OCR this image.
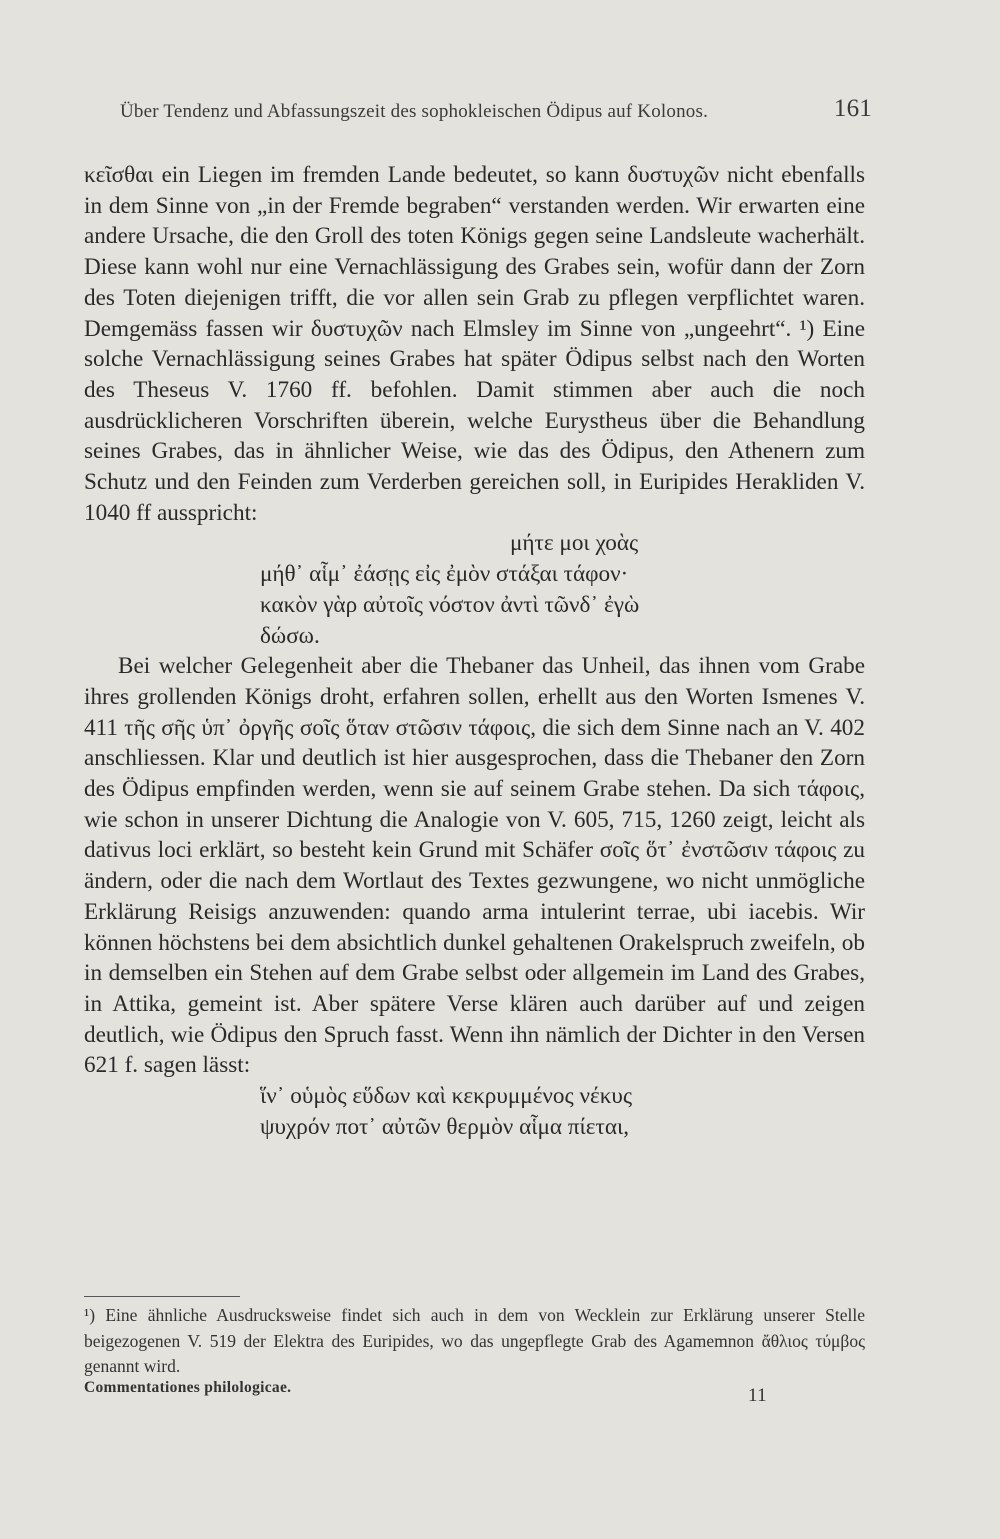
Über Tendenz und Abfassungszeit des sophokleischen Ödipus auf Kolonos.	161

κεῖσθαι ein Liegen im fremden Lande bedeutet, so kann δυστυχῶν nicht ebenfalls in dem Sinne von „in der Fremde begraben“ verstanden werden. Wir erwarten eine andere Ursache, die den Groll des toten Königs gegen seine Landsleute wacherhält. Diese kann wohl nur eine Vernachlässigung des Grabes sein, wofür dann der Zorn des Toten diejenigen trifft, die vor allen sein Grab zu pflegen verpflichtet waren. Demgemäss fassen wir δυστυχῶν nach Elmsley im Sinne von „ungeehrt“. ¹) Eine solche Vernachlässigung seines Grabes hat später Ödipus selbst nach den Worten des Theseus V. 1760 ff. befohlen. Damit stimmen aber auch die noch ausdrücklicheren Vorschriften überein, welche Eurystheus über die Behandlung seines Grabes, das in ähnlicher Weise, wie das des Ödipus, den Athenern zum Schutz und den Feinden zum Verderben gereichen soll, in Euripides Herakliden V. 1040 ff ausspricht:

μήτε μοι χοὰς
μήθ᾽ αἷμ᾽ ἐάσῃς εἰς ἐμὸν στάξαι τάφον·
κακὸν γὰρ αὐτοῖς νόστον ἀντὶ τῶνδ᾽ ἐγὼ
δώσω.

Bei welcher Gelegenheit aber die Thebaner das Unheil, das ihnen vom Grabe ihres grollenden Königs droht, erfahren sollen, erhellt aus den Worten Ismenes V. 411 τῆς σῆς ὑπ᾽ ὀργῆς σοῖς ὅταν στῶσιν τάφοις, die sich dem Sinne nach an V. 402 anschliessen. Klar und deutlich ist hier ausgesprochen, dass die Thebaner den Zorn des Ödipus empfinden werden, wenn sie auf seinem Grabe stehen. Da sich τάφοις, wie schon in unserer Dichtung die Analogie von V. 605, 715, 1260 zeigt, leicht als dativus loci erklärt, so besteht kein Grund mit Schäfer σοῖς ὅτ᾽ ἐνστῶσιν τάφοις zu ändern, oder die nach dem Wortlaut des Textes gezwungene, wo nicht unmögliche Erklärung Reisigs anzuwenden: quando arma intulerint terrae, ubi iacebis. Wir können höchstens bei dem absichtlich dunkel gehaltenen Orakelspruch zweifeln, ob in demselben ein Stehen auf dem Grabe selbst oder allgemein im Land des Grabes, in Attika, gemeint ist. Aber spätere Verse klären auch darüber auf und zeigen deutlich, wie Ödipus den Spruch fasst. Wenn ihn nämlich der Dichter in den Versen 621 f. sagen lässt:

ἵν᾽ οὑμὸς εὕδων καὶ κεκρυμμένος νέκυς
ψυχρόν ποτ᾽ αὐτῶν θερμὸν αἷμα πίεται,
¹) Eine ähnliche Ausdrucksweise findet sich auch in dem von Wecklein zur Erklärung unserer Stelle beigezogenen V. 519 der Elektra des Euripides, wo das ungepflegte Grab des Agamemnon ἄθλιος τύμβος genannt wird.
Commentationes philologicae.	11
